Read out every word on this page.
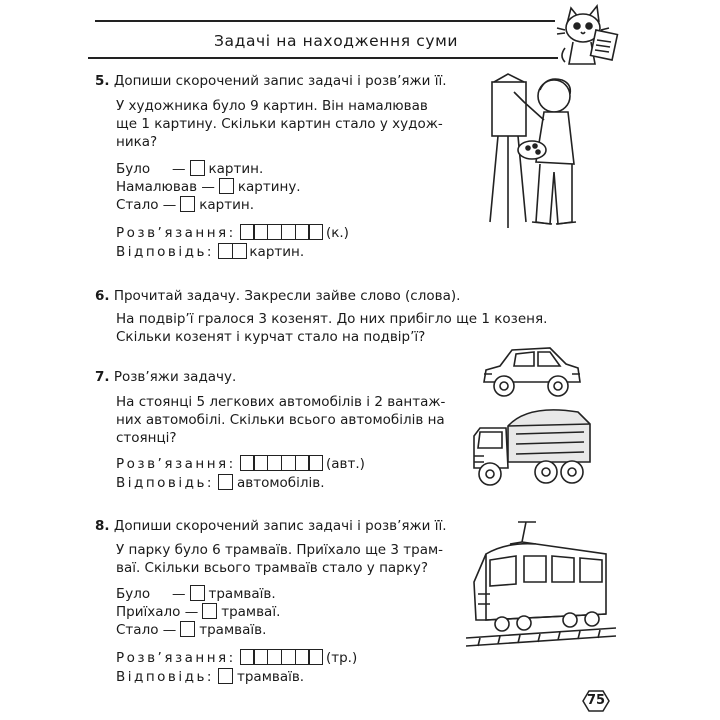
Задачі на находження суми
5. Допиши скорочений запис задачі і розв’яжи її.
У художника було 9 картин. Він намалював
ще 1 картину. Скільки картин стало у худож-
ника?
Було — картин.
Намалював — картину.
Стало — картин.
Розв’язання:	(к.)
Відповідь:	картин.
6. Прочитай задачу. Закресли зайве слово (слова).
На подвір’ї гралося 3 козенят. До них прибігло ще 1 козеня.
Скільки козенят і курчат стало на подвір’ї?
7. Розв’яжи задачу.
На стоянці 5 легкових автомобілів і 2 вантаж-
них автомобілі. Скільки всього автомобілів на
стоянці?
Розв’язання:	(авт.)
Відповідь: автомобілів.
8. Допиши скорочений запис задачі і розв’яжи її.
У парку було 6 трамваїв. Приїхало ще 3 трам-
ваї. Скільки всього трамваїв стало у парку?
Було — трамваїв.
Приїхало — трамваї.
Стало — трамваїв.
Розв’язання:	(тр.)
Відповідь: трамваїв.
75
